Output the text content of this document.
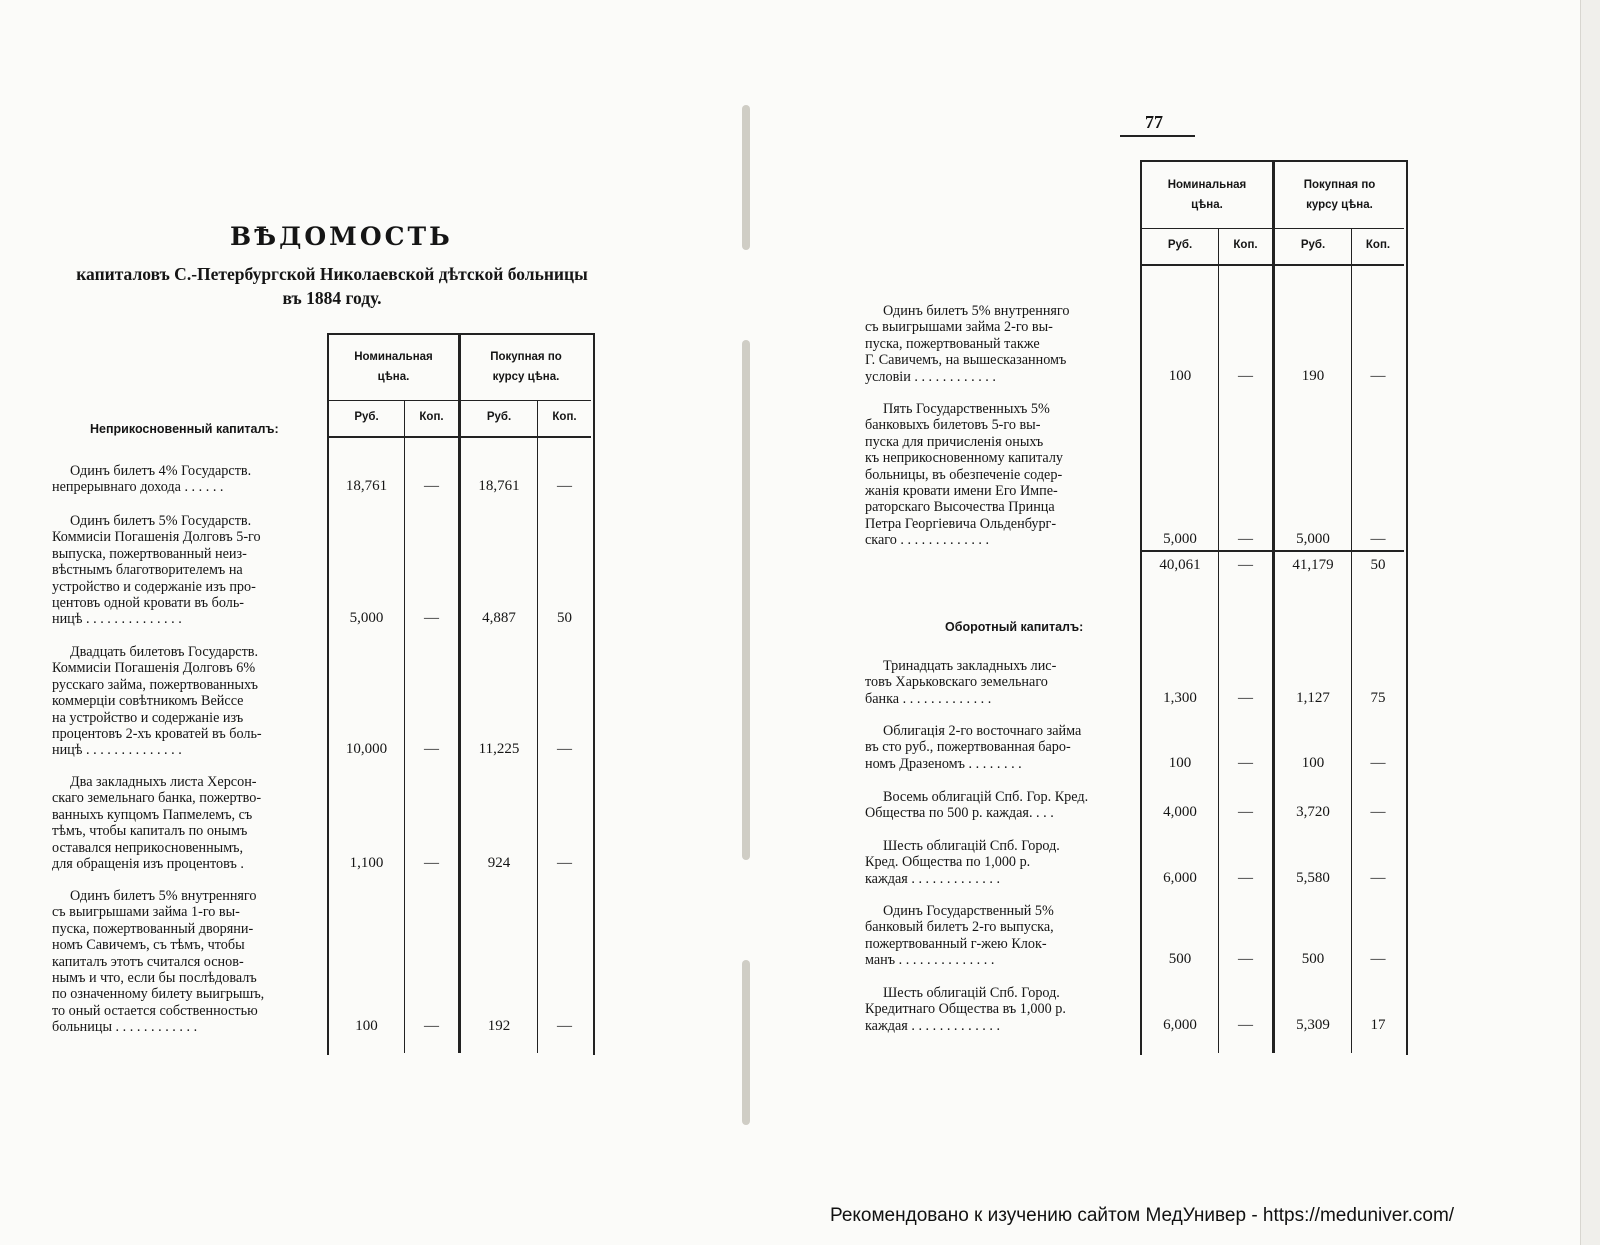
ВѢДОМОСТЬ
капиталовъ С.-Петербургской Николаевской дѣтской больницы
въ 1884 году.
Номинальная
цѣна.
Покупная по
курсу цѣна.
Руб.	Коп.	Руб.	Коп.
Неприкосновенный капиталъ:
Одинъ билетъ 4% Государств.
непрерывнаго дохода . . . . . .	18,761	—	18,761	—
Одинъ билетъ 5% Государств.
Коммисіи Погашенія Долговъ 5-го
выпуска, пожертвованный неиз-
вѣстнымъ благотворителемъ на
устройство и содержаніе изъ про-
центовъ одной кровати въ боль-
ницѣ . . . . . . . . . . . . . .	5,000	—	4,887	50
Двадцать билетовъ Государств.
Коммисіи Погашенія Долговъ 6%
русскаго займа, пожертвованныхъ
коммерціи совѣтникомъ Вейссе
на устройство и содержаніе изъ
процентовъ 2-хъ кроватей въ боль-
ницѣ . . . . . . . . . . . . . .	10,000	—	11,225	—
Два закладныхъ листа Херсон-
скаго земельнаго банка, пожертво-
ванныхъ купцомъ Папмелемъ, съ
тѣмъ, чтобы капиталъ по онымъ
оставался неприкосновеннымъ,
для обращенія изъ процентовъ .	1,100	—	924	—
Одинъ билетъ 5% внутренняго
съ выигрышами займа 1-го вы-
пуска, пожертвованный дворяни-
номъ Савичемъ, съ тѣмъ, чтобы
капиталъ этотъ считался основ-
нымъ и что, если бы послѣдовалъ
по означенному билету выигрышъ,
то оный остается собственностью
больницы . . . . . . . . . . . .	100	—	192	—
77
Номинальная
цѣна.
Покупная по
курсу цѣна.
Руб.	Коп.	Руб.	Коп.
Оборотный капиталъ:
Одинъ билетъ 5% внутренняго
съ выигрышами займа 2-го вы-
пуска, пожертвованый также
Г. Савичемъ, на вышесказанномъ
условіи . . . . . . . . . . . .	100	—	190	—
Пять Государственныхъ 5%
банковыхъ билетовъ 5-го вы-
пуска для причисленія оныхъ
къ неприкосновенному капиталу
больницы, въ обезпеченіе содер-
жанія кровати имени Его Импе-
раторскаго Высочества Принца
Петра Георгіевича Ольденбург-
скаго . . . . . . . . . . . . .	5,000	—	5,000	—
Тринадцать закладныхъ лис-
товъ Харьковскаго земельнаго
банка . . . . . . . . . . . . .	1,300	—	1,127	75
Облигація 2-го восточнаго займа
въ сто руб., пожертвованная баро-
номъ Дразеномъ . . . . . . . .	100	—	100	—
Восемь облигацій Спб. Гор. Кред.
Общества по 500 р. каждая. . . .	4,000	—	3,720	—
Шесть облигацій Спб. Город.
Кред. Общества по 1,000 р.
каждая . . . . . . . . . . . . .	6,000	—	5,580	—
Одинъ Государственный 5%
банковый билетъ 2-го выпуска,
пожертвованный г-жею Клок-
манъ . . . . . . . . . . . . . .	500	—	500	—
Шесть облигацій Спб. Город.
Кредитнаго Общества въ 1,000 р.
каждая . . . . . . . . . . . . .	6,000	—	5,309	17
40,061	—	41,179	50
Рекомендовано к изучению сайтом МедУнивер - https://meduniver.com/
